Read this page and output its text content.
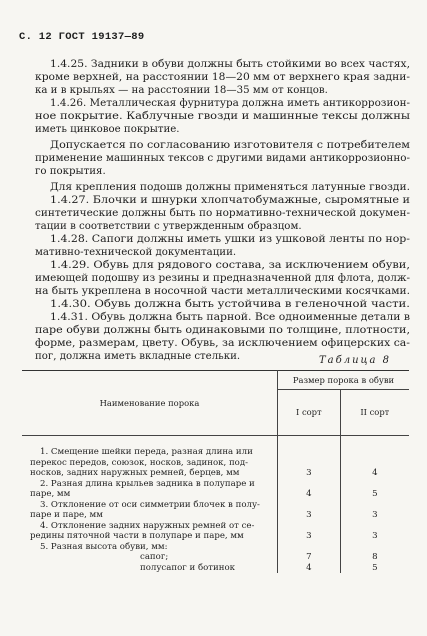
С. 12 ГОСТ 19137—89
1.4.25. Задники в обуви должны быть стойкими во всех частях,
кроме верхней, на расстоянии 18—20 мм от верхнего края задни-
ка и в крыльях — на расстоянии 18—35 мм от концов.
1.4.26. Металлическая фурнитура должна иметь антикоррозион-
ное покрытие. Каблучные гвозди и машинные тексы должны
иметь цинковое покрытие.
Допускается по согласованию изготовителя с потребителем
применение машинных тексов с другими видами антикоррозионно-
го покрытия.
Для крепления подошв должны применяться латунные гвозди.
1.4.27. Блочки и шнурки хлопчатобумажные, сыромятные и
синтетические должны быть по нормативно-технической докумен-
тации в соответствии с утвержденным образцом.
1.4.28. Сапоги должны иметь ушки из ушковой ленты по нор-
мативно-технической документации.
1.4.29. Обувь для рядового состава, за исключением обуви,
имеющей подошву из резины и предназначенной для флота, долж-
на быть укреплена в носочной части металлическими косячками.
1.4.30. Обувь должна быть устойчива в геленочной части.
1.4.31. Обувь должна быть парной. Все одноименные детали в
паре обуви должны быть одинаковыми по толщине, плотности,
форме, размерам, цвету. Обувь, за исключением офицерских са-
пог, должна иметь вкладные стельки.	Таблица 8
Наименование порока	Размер порока в обуви	
	I сорт	II сорт

1. Смещение шейки переда, разная длина или
перекос передов, союзок, носков, задинок, под-
носков, задних наружных ремней, берцев, мм	3	4

2. Разная длина крыльев задника в полупаре и
паре, мм	4	5

3. Отклонение от оси симметрии блочек в полу-
паре и паре, мм	3	3

4. Отклонение задних наружных ремней от се-
редины пяточной части в полупаре и паре, мм	3	3

5. Разная высота обуви, мм:		

сапог;	7	8

полусапог и ботинок	4	5
